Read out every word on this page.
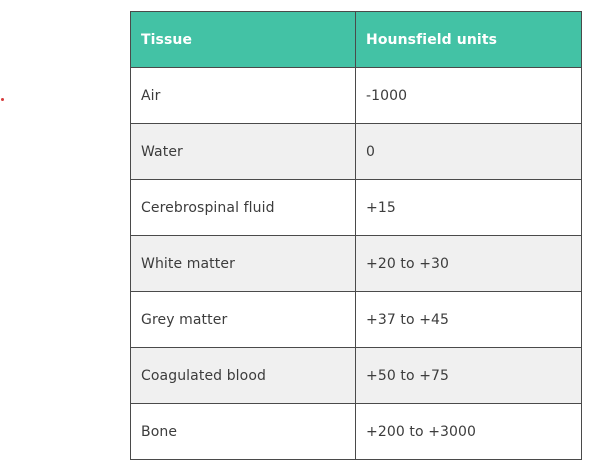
Tissue	Hounsfield units
Air	-1000
Water	0
Cerebrospinal fluid	+15
White matter	+20 to +30
Grey matter	+37 to +45
Coagulated blood	+50 to +75
Bone	+200 to +3000
